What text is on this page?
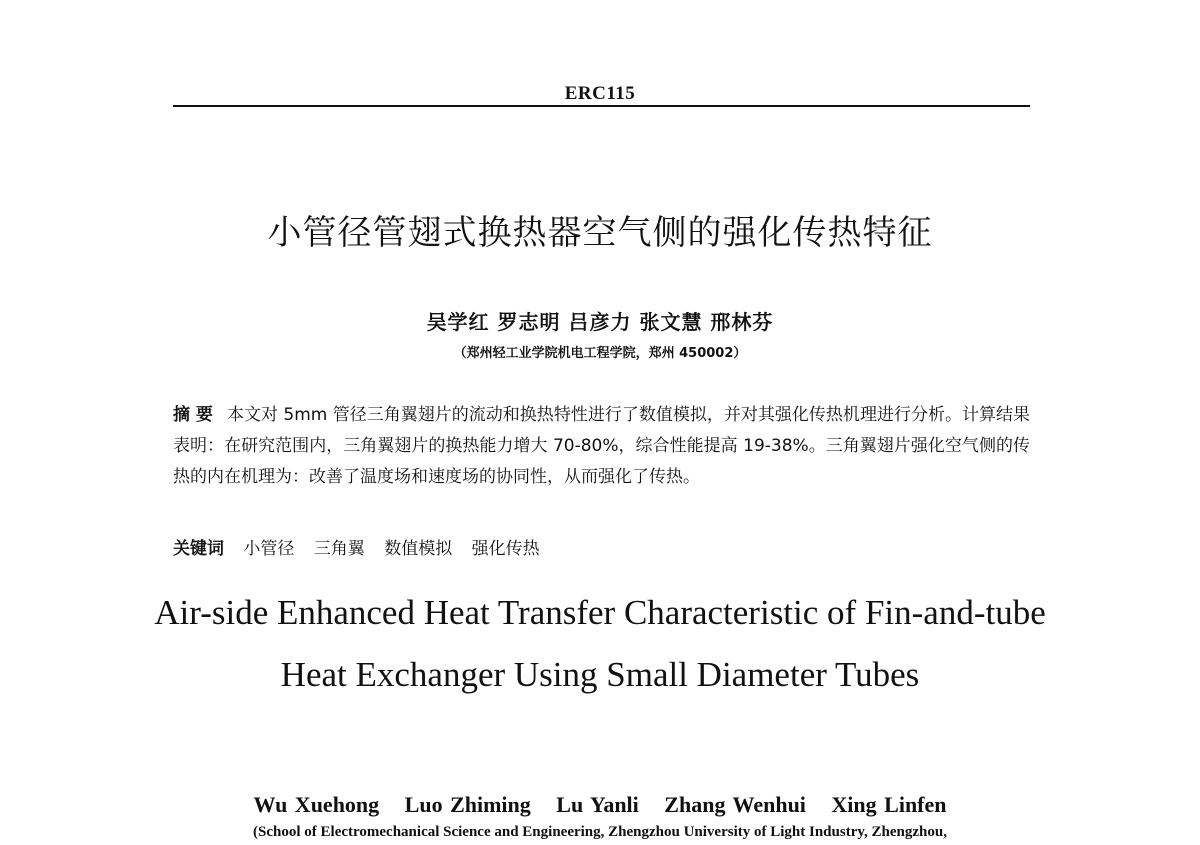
ERC115
小管径管翅式换热器空气侧的强化传热特征
吴学红 罗志明 吕彦力 张文慧 邢林芬
（郑州轻工业学院机电工程学院，郑州 450002）
摘 要 本文对 5mm 管径三角翼翅片的流动和换热特性进行了数值模拟，并对其强化传热机理进行分析。计算结果表明：在研究范围内，三角翼翅片的换热能力增大 70-80%，综合性能提高 19-38%。三角翼翅片强化空气侧的传热的内在机理为：改善了温度场和速度场的协同性，从而强化了传热。
关键词 小管径 三角翼 数值模拟 强化传热
Air-side Enhanced Heat Transfer Characteristic of Fin-and-tube Heat Exchanger Using Small Diameter Tubes
Wu Xuehong Luo Zhiming Lu Yanli Zhang Wenhui Xing Linfen
(School of Electromechanical Science and Engineering, Zhengzhou University of Light Industry, Zhengzhou,
